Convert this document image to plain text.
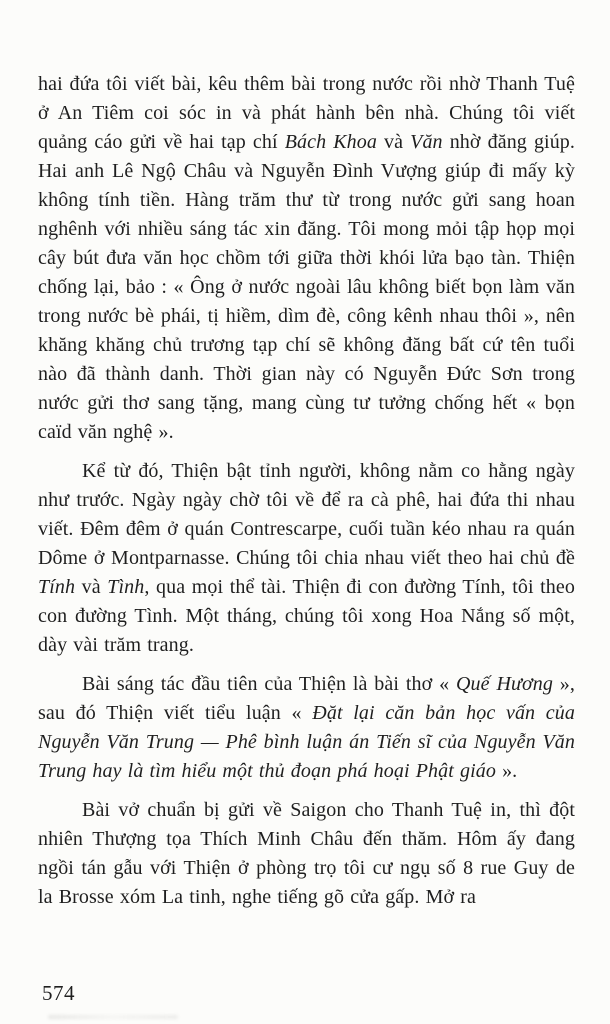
hai đứa tôi viết bài, kêu thêm bài trong nước rồi nhờ Thanh Tuệ ở An Tiêm coi sóc in và phát hành bên nhà. Chúng tôi viết quảng cáo gửi về hai tạp chí Bách Khoa và Văn nhờ đăng giúp. Hai anh Lê Ngộ Châu và Nguyễn Đình Vượng giúp đi mấy kỳ không tính tiền. Hàng trăm thư từ trong nước gửi sang hoan nghênh với nhiều sáng tác xin đăng. Tôi mong mỏi tập họp mọi cây bút đưa văn học chồm tới giữa thời khói lửa bạo tàn. Thiện chống lại, bảo : « Ông ở nước ngoài lâu không biết bọn làm văn trong nước bè phái, tị hiềm, dìm đè, công kênh nhau thôi », nên khăng khăng chủ trương tạp chí sẽ không đăng bất cứ tên tuổi nào đã thành danh. Thời gian này có Nguyễn Đức Sơn trong nước gửi thơ sang tặng, mang cùng tư tưởng chống hết « bọn caïd văn nghệ ».

Kể từ đó, Thiện bật tỉnh người, không nằm co hằng ngày như trước. Ngày ngày chờ tôi về để ra cà phê, hai đứa thi nhau viết. Đêm đêm ở quán Contrescarpe, cuối tuần kéo nhau ra quán Dôme ở Montparnasse. Chúng tôi chia nhau viết theo hai chủ đề Tính và Tình, qua mọi thể tài. Thiện đi con đường Tính, tôi theo con đường Tình. Một tháng, chúng tôi xong Hoa Nắng số một, dày vài trăm trang.

Bài sáng tác đầu tiên của Thiện là bài thơ « Quế Hương », sau đó Thiện viết tiểu luận « Đặt lại căn bản học vấn của Nguyễn Văn Trung — Phê bình luận án Tiến sĩ của Nguyễn Văn Trung hay là tìm hiểu một thủ đoạn phá hoại Phật giáo ».

Bài vở chuẩn bị gửi về Saigon cho Thanh Tuệ in, thì đột nhiên Thượng tọa Thích Minh Châu đến thăm. Hôm ấy đang ngồi tán gẫu với Thiện ở phòng trọ tôi cư ngụ số 8 rue Guy de la Brosse xóm La tinh, nghe tiếng gõ cửa gấp. Mở ra

574
